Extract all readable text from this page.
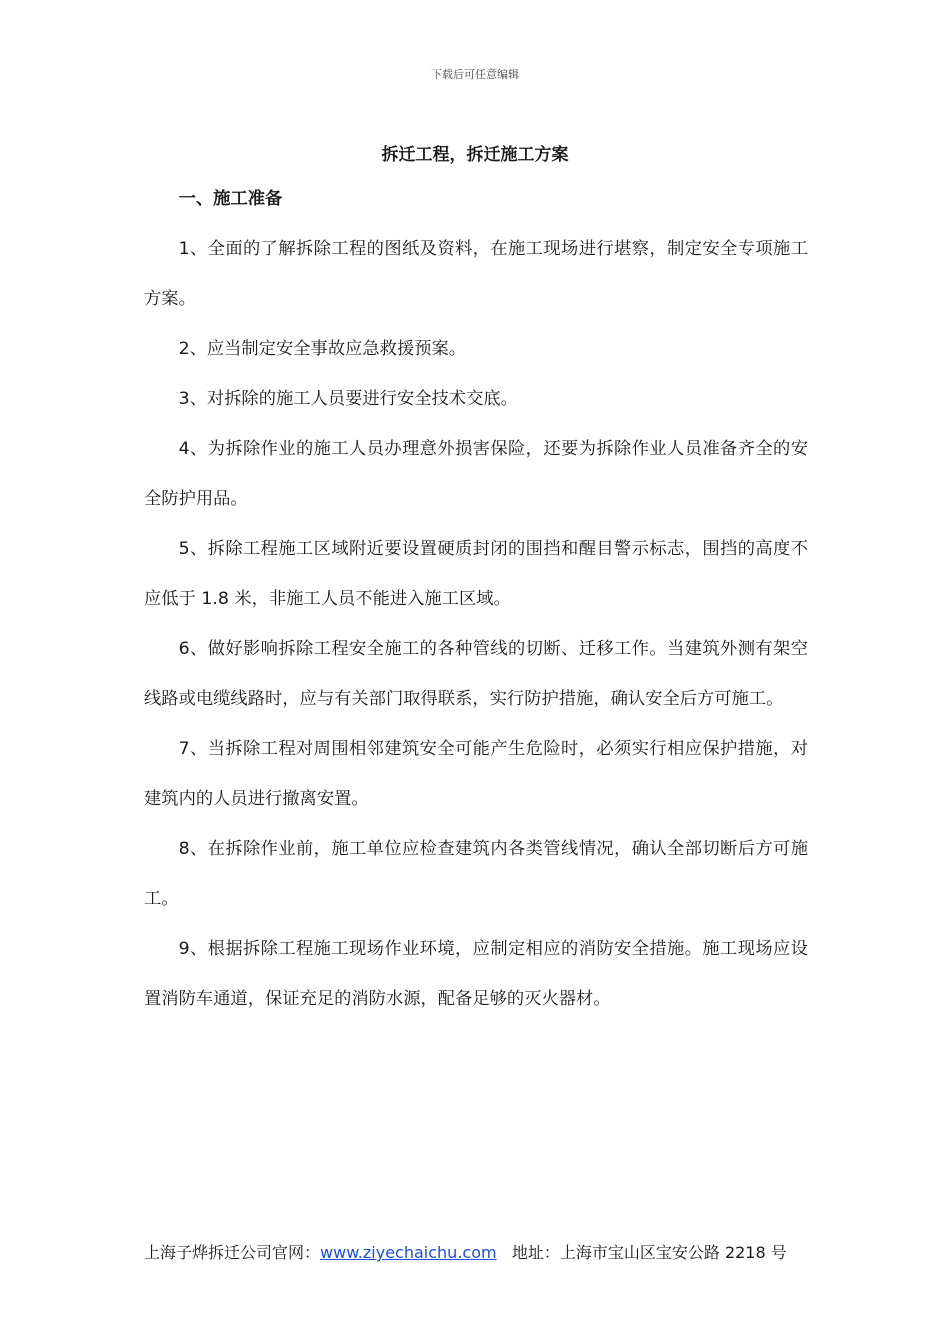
下载后可任意编辑
拆迁工程，拆迁施工方案
一、施工准备

1、全面的了解拆除工程的图纸及资料，在施工现场进行堪察，制定安全专项施工方案。

2、应当制定安全事故应急救援预案。

3、对拆除的施工人员要进行安全技术交底。

4、为拆除作业的施工人员办理意外损害保险，还要为拆除作业人员准备齐全的安全防护用品。

5、拆除工程施工区域附近要设置硬质封闭的围挡和醒目警示标志，围挡的高度不应低于 1.8 米，非施工人员不能进入施工区域。

6、做好影响拆除工程安全施工的各种管线的切断、迁移工作。当建筑外测有架空线路或电缆线路时，应与有关部门取得联系，实行防护措施，确认安全后方可施工。

7、当拆除工程对周围相邻建筑安全可能产生危险时，必须实行相应保护措施，对建筑内的人员进行撤离安置。

8、在拆除作业前，施工单位应检查建筑内各类管线情况，确认全部切断后方可施工。

9、根据拆除工程施工现场作业环境，应制定相应的消防安全措施。施工现场应设置消防车通道，保证充足的消防水源，配备足够的灭火器材。

上海子烨拆迁公司官网：www.ziyechaichu.com 地址：上海市宝山区宝安公路 2218 号
